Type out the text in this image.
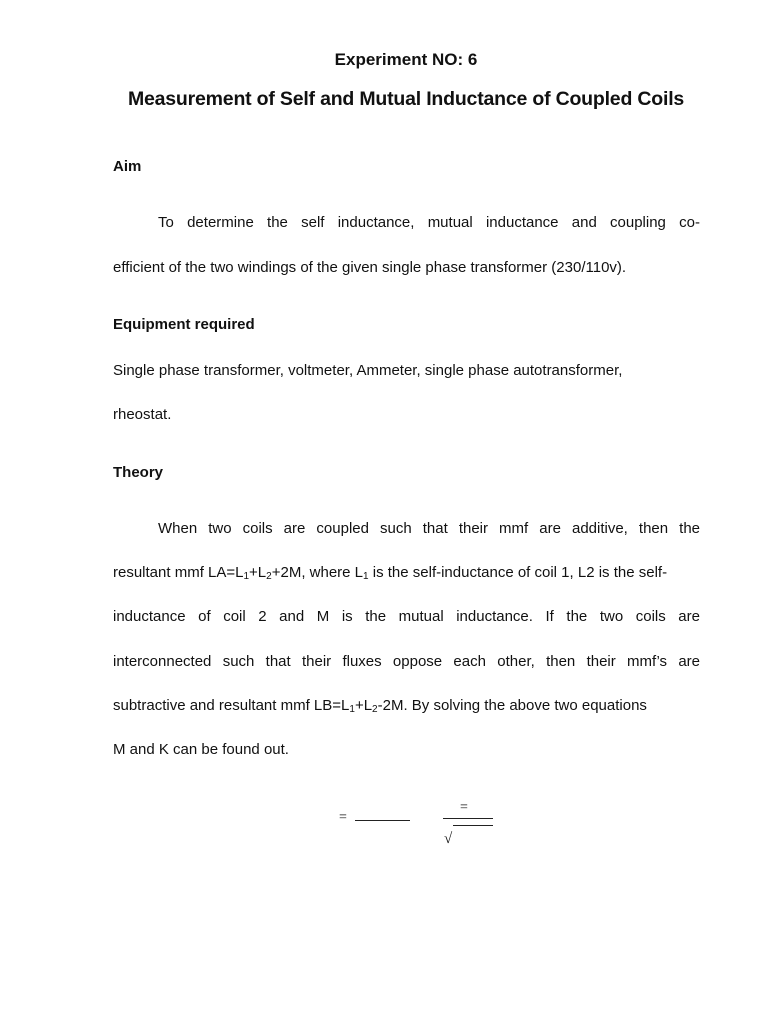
Experiment NO: 6
Measurement of Self and Mutual Inductance of Coupled Coils
Aim
To determine the self inductance, mutual inductance and coupling co-
efficient of the two windings of the given single phase transformer (230/110v).
Equipment required
Single phase transformer, voltmeter, Ammeter, single phase autotransformer,
rheostat.
Theory
When two coils are coupled such that their mmf are additive, then the
resultant mmf $LA=L_1+L_2+2M$, where $L_1$ is the self-inductance of coil 1, L2 is the self-
inductance of coil 2 and M is the mutual inductance. If the two coils are
interconnected such that their fluxes oppose each other, then their mmf’s are
subtractive and resultant mmf $LB=L_1+L_2-2M$. By solving the above two equations
M and K can be found out.
=
=
√
